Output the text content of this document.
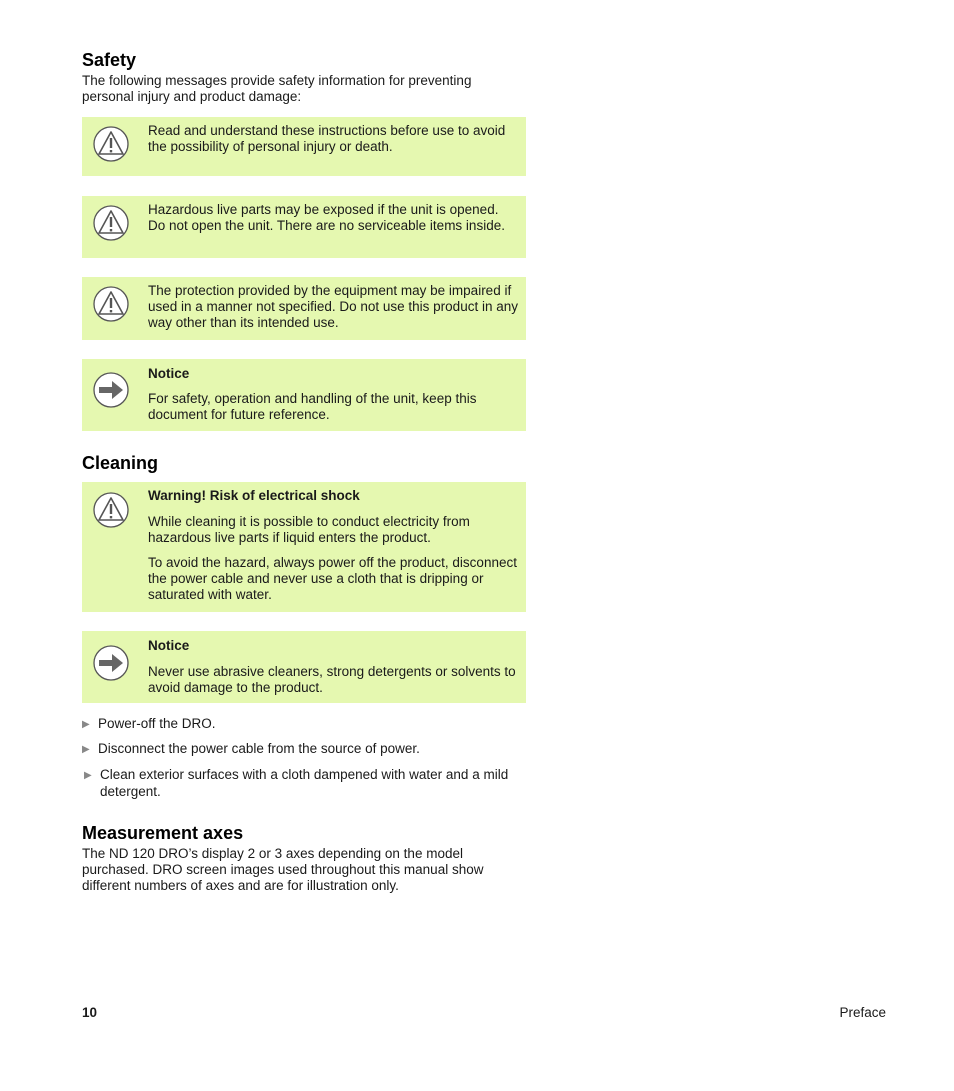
Safety

The following messages provide safety information for preventing personal injury and product damage:

Read and understand these instructions before use to avoid the possibility of personal injury or death.

Hazardous live parts may be exposed if the unit is opened. Do not open the unit. There are no serviceable items inside.

The protection provided by the equipment may be impaired if used in a manner not specified. Do not use this product in any way other than its intended use.

Notice

For safety, operation and handling of the unit, keep this document for future reference.

Cleaning

Warning! Risk of electrical shock

While cleaning it is possible to conduct electricity from hazardous live parts if liquid enters the product.

To avoid the hazard, always power off the product, disconnect the power cable and never use a cloth that is dripping or saturated with water.

Notice

Never use abrasive cleaners, strong detergents or solvents to avoid damage to the product.

▶ Power-off the DRO.
▶ Disconnect the power cable from the source of power.
▶ Clean exterior surfaces with a cloth dampened with water and a mild detergent.
Measurement axes

The ND 120 DRO’s display 2 or 3 axes depending on the model purchased. DRO screen images used throughout this manual show different numbers of axes and are for illustration only.

10	Preface
